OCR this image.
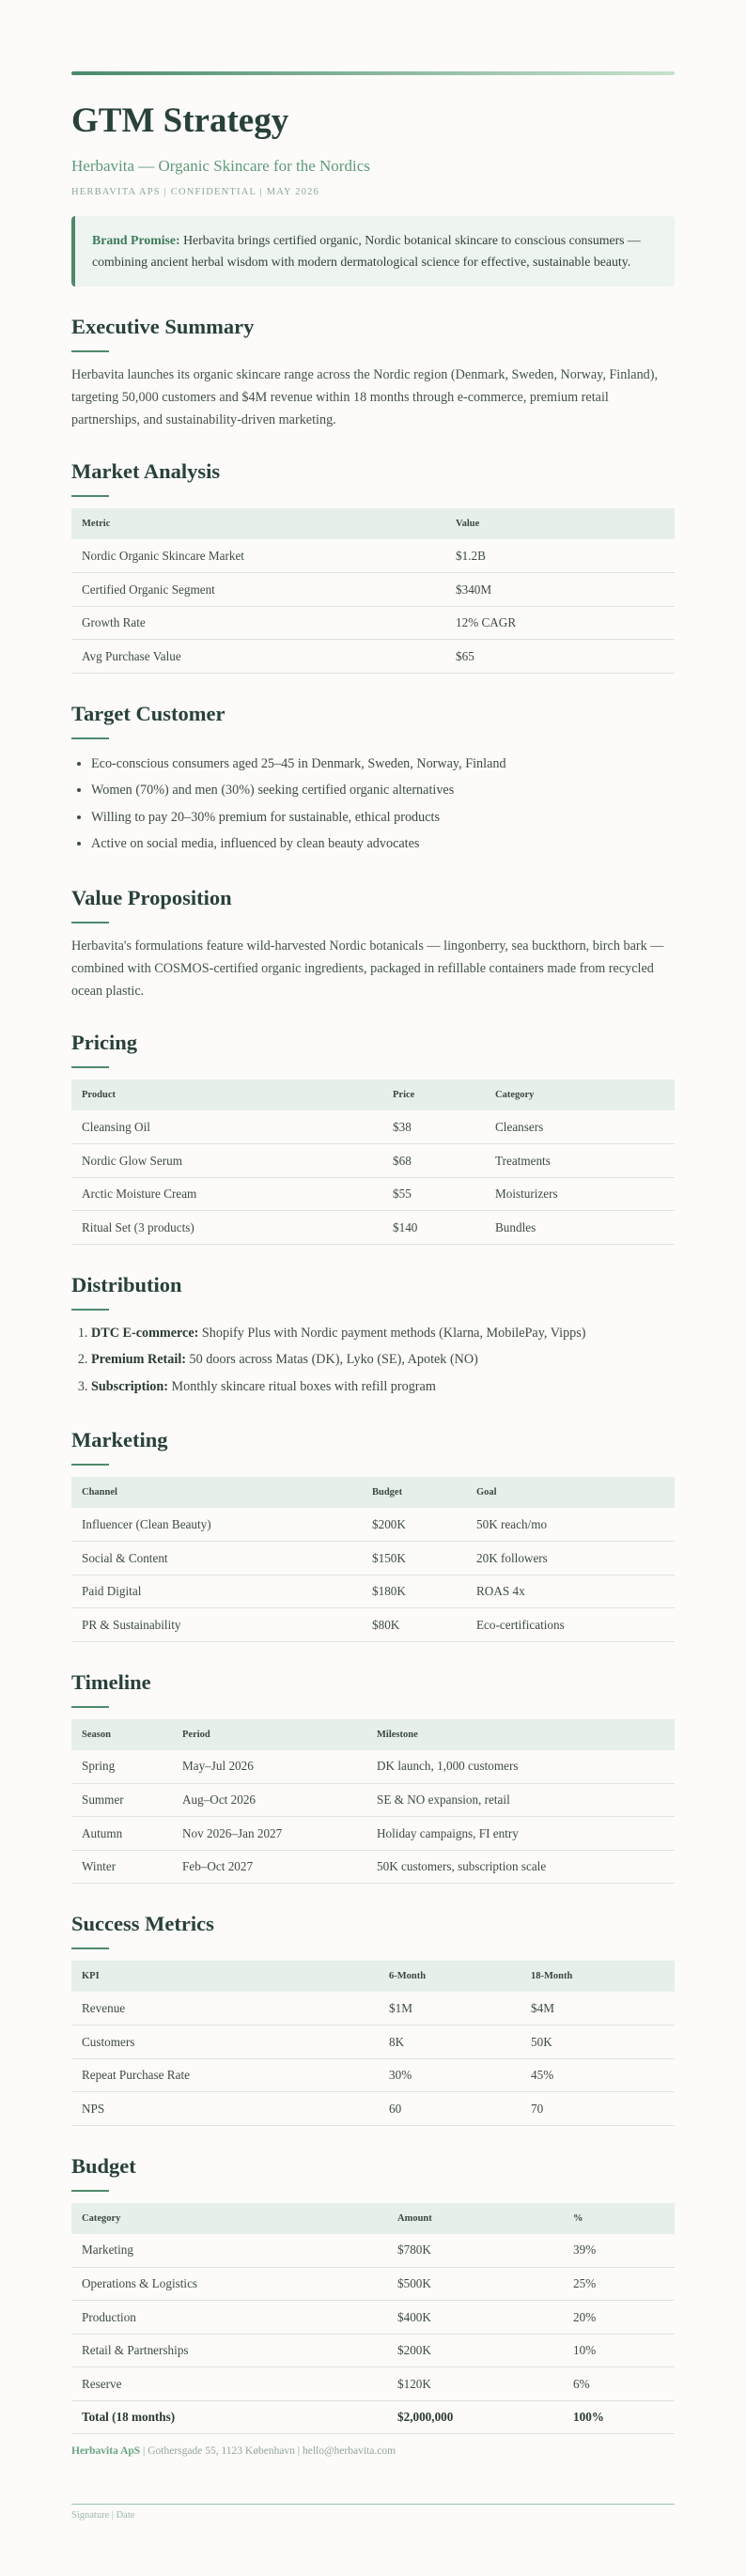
GTM Strategy
Herbavita — Organic Skincare for the Nordics
HERBAVITA APS | CONFIDENTIAL | MAY 2026
Brand Promise: Herbavita brings certified organic, Nordic botanical skincare to conscious consumers — combining ancient herbal wisdom with modern dermatological science for effective, sustainable beauty.
Executive Summary

Herbavita launches its organic skincare range across the Nordic region (Denmark, Sweden, Norway, Finland), targeting 50,000 customers and $4M revenue within 18 months through e-commerce, premium retail partnerships, and sustainability-driven marketing.

Market Analysis
Metric	Value
Nordic Organic Skincare Market	$1.2B
Certified Organic Segment	$340M
Growth Rate	12% CAGR
Avg Purchase Value	$65
Target Customer
• Eco-conscious consumers aged 25–45 in Denmark, Sweden, Norway, Finland
• Women (70%) and men (30%) seeking certified organic alternatives
• Willing to pay 20–30% premium for sustainable, ethical products
• Active on social media, influenced by clean beauty advocates
Value Proposition

Herbavita's formulations feature wild-harvested Nordic botanicals — lingonberry, sea buckthorn, birch bark — combined with COSMOS-certified organic ingredients, packaged in refillable containers made from recycled ocean plastic.

Pricing
Product	Price	Category
Cleansing Oil	$38	Cleansers
Nordic Glow Serum	$68	Treatments
Arctic Moisture Cream	$55	Moisturizers
Ritual Set (3 products)	$140	Bundles
Distribution
1. DTC E-commerce: Shopify Plus with Nordic payment methods (Klarna, MobilePay, Vipps)
2. Premium Retail: 50 doors across Matas (DK), Lyko (SE), Apotek (NO)
3. Subscription: Monthly skincare ritual boxes with refill program
Marketing
Channel	Budget	Goal
Influencer (Clean Beauty)	$200K	50K reach/mo
Social & Content	$150K	20K followers
Paid Digital	$180K	ROAS 4x
PR & Sustainability	$80K	Eco-certifications
Timeline
Season	Period	Milestone
Spring	May–Jul 2026	DK launch, 1,000 customers
Summer	Aug–Oct 2026	SE & NO expansion, retail
Autumn	Nov 2026–Jan 2027	Holiday campaigns, FI entry
Winter	Feb–Oct 2027	50K customers, subscription scale
Success Metrics
KPI	6-Month	18-Month
Revenue	$1M	$4M
Customers	8K	50K
Repeat Purchase Rate	30%	45%
NPS	60	70
Budget
Category	Amount	%
Marketing	$780K	39%
Operations & Logistics	$500K	25%
Production	$400K	20%
Retail & Partnerships	$200K	10%
Reserve	$120K	6%
Total (18 months)	$2,000,000	100%
Herbavita ApS | Gothersgade 55, 1123 København | hello@herbavita.com
Signature | Date
